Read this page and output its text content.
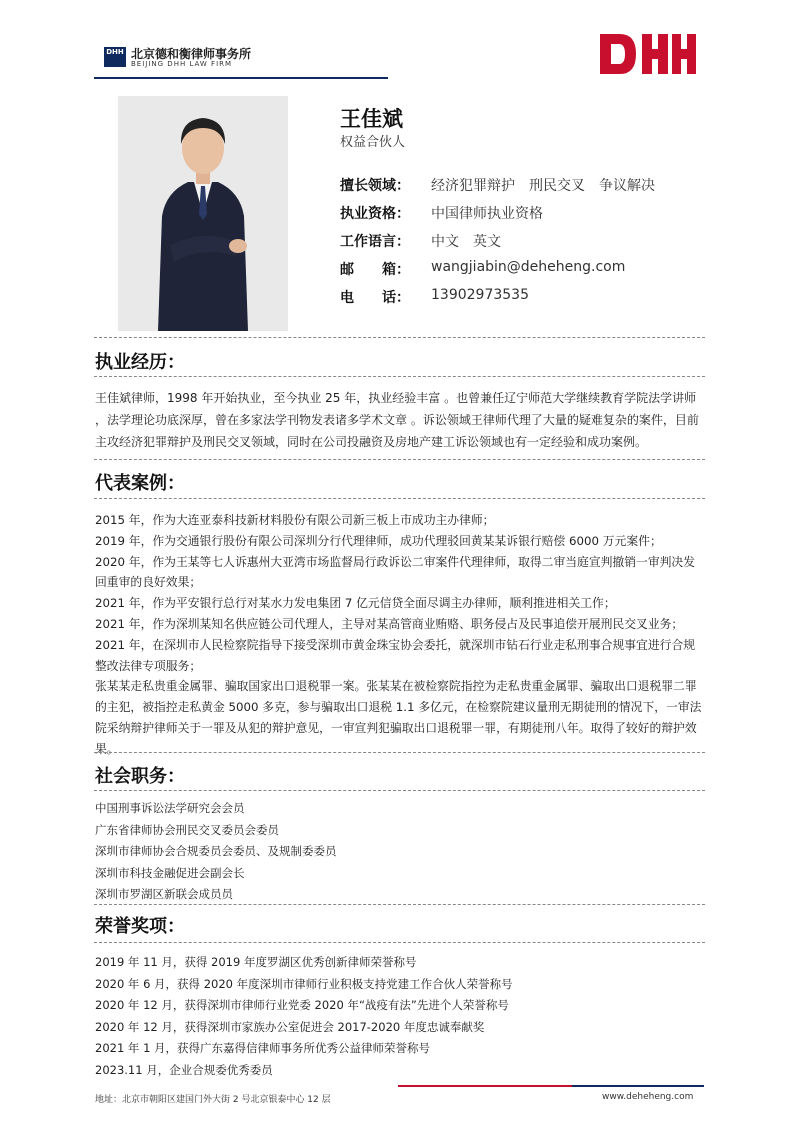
DHH 北京德和衡律师事务所
BEIJING DHH LAW FIRM
王佳斌
权益合伙人
擅长领域：	经济犯罪辩护　刑民交叉　争议解决
执业资格：	中国律师执业资格
工作语言：	中文　英文
邮　　箱：	wangjiabin@deheheng.com
电　　话：	13902973535
执业经历：

王佳斌律师，1998 年开始执业，至今执业 25 年，执业经验丰富 。也曾兼任辽宁师范大学继续教育学院法学讲师 ，法学理论功底深厚，曾在多家法学刊物发表诸多学术文章 。诉讼领域王律师代理了大量的疑难复杂的案件，目前主攻经济犯罪辩护及刑民交叉领域，同时在公司投融资及房地产建工诉讼领域也有一定经验和成功案例。

代表案例：

2015 年，作为大连亚泰科技新材料股份有限公司新三板上市成功主办律师；

2019 年，作为交通银行股份有限公司深圳分行代理律师，成功代理驳回黄某某诉银行赔偿 6000 万元案件；

2020 年，作为王某等七人诉惠州大亚湾市场监督局行政诉讼二审案件代理律师，取得二审当庭宣判撤销一审判决发回重审的良好效果；

2021 年，作为平安银行总行对某水力发电集团 7 亿元信贷全面尽调主办律师，顺利推进相关工作；

2021 年，作为深圳某知名供应链公司代理人，主导对某高管商业贿赂、职务侵占及民事追偿开展刑民交叉业务；

2021 年，在深圳市人民检察院指导下接受深圳市黄金珠宝协会委托，就深圳市钻石行业走私刑事合规事宜进行合规整改法律专项服务；

张某某走私贵重金属罪、骗取国家出口退税罪一案。张某某在被检察院指控为走私贵重金属罪、骗取出口退税罪二罪的主犯，被指控走私黄金 5000 多克，参与骗取出口退税 1.1 多亿元，在检察院建议量刑无期徒刑的情况下，一审法院采纳辩护律师关于一罪及从犯的辩护意见，一审宣判犯骗取出口退税罪一罪，有期徒刑八年。取得了较好的辩护效果。

社会职务：
中国刑事诉讼法学研究会会员
广东省律师协会刑民交叉委员会委员
深圳市律师协会合规委员会委员、及规制委委员
深圳市科技金融促进会副会长
深圳市罗湖区新联会成员员
荣誉奖项：
2019 年 11 月，获得 2019 年度罗湖区优秀创新律师荣誉称号
2020 年 6 月，获得 2020 年度深圳市律师行业积极支持党建工作合伙人荣誉称号
2020 年 12 月，获得深圳市律师行业党委 2020 年“战疫有法”先进个人荣誉称号
2020 年 12 月，获得深圳市家族办公室促进会 2017-2020 年度忠诚奉献奖
2021 年 1 月，获得广东嘉得信律师事务所优秀公益律师荣誉称号
2023.11 月，企业合规委优秀委员
地址：北京市朝阳区建国门外大街 2 号北京银泰中心 12 层	www.deheheng.com
